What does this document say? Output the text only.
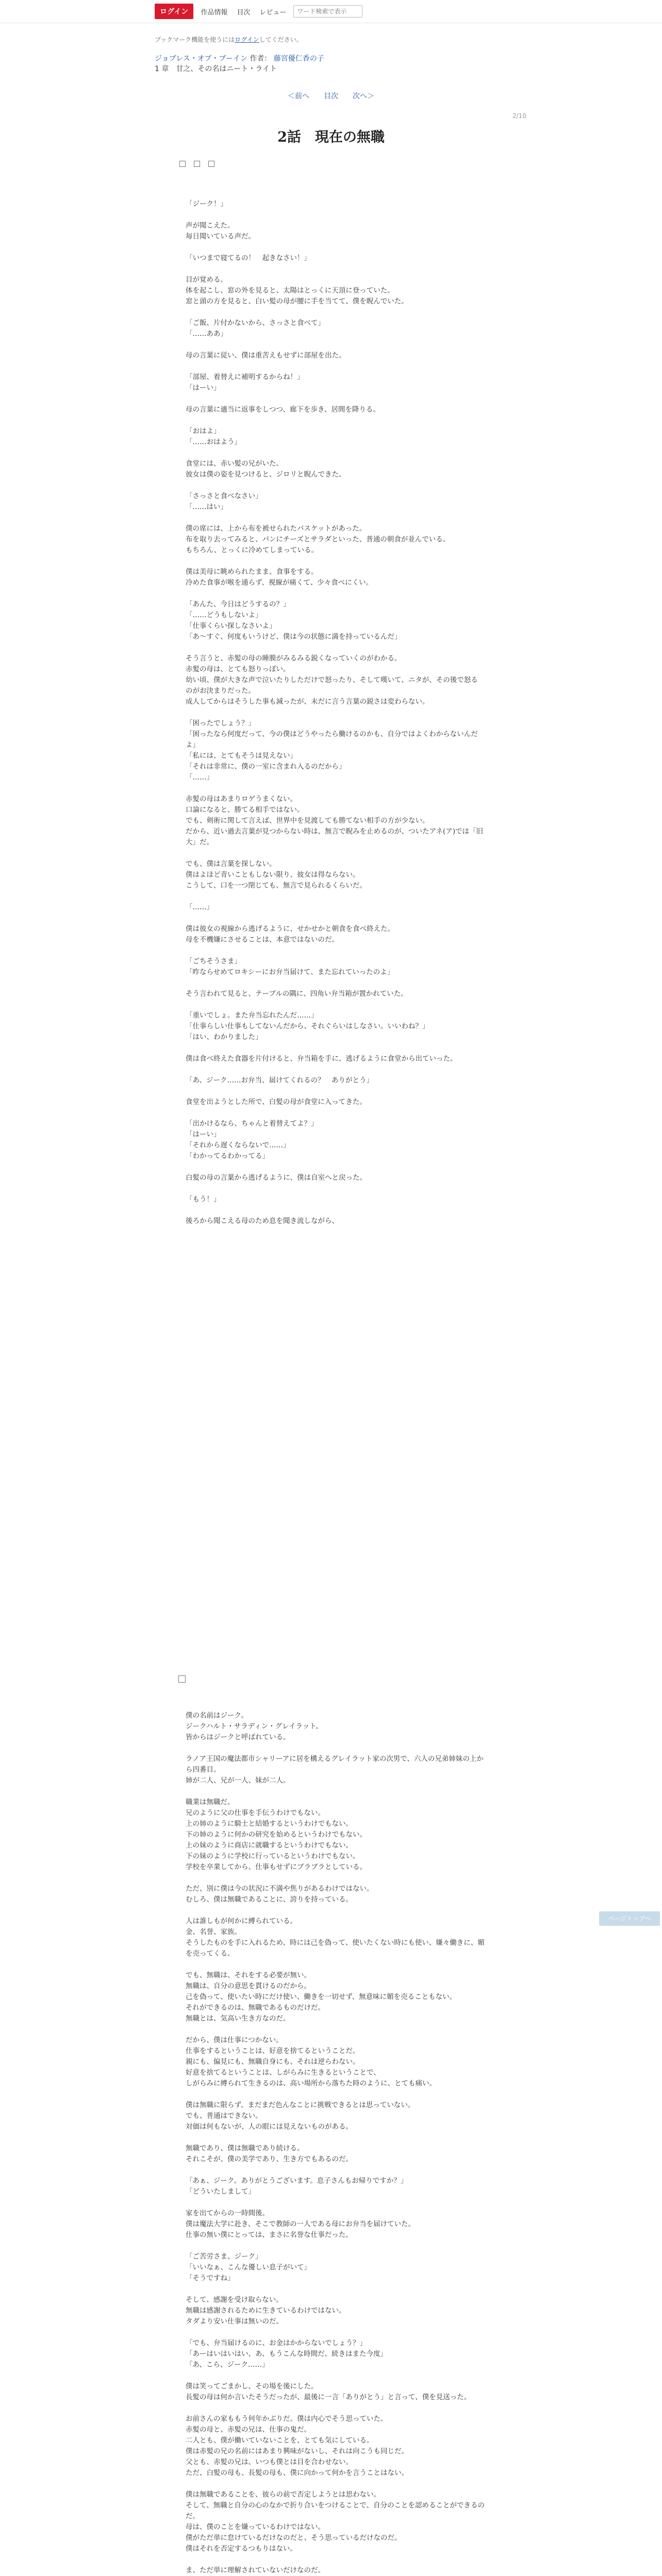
ログイン	作品情報	目次	レビュー
ワード検索で表示
ブックマーク機能を使うにはログインしてください。
ジョブレス・オブ・ブーイン 作者： 藤宮優仁香の子
1 章　甘之、その名はニート・ライト
＜前へ 目次 次へ＞
2/10
2話　現在の無職

「ジーク！」

声が聞こえた。
毎日聞いている声だ。

「いつまで寝てるの！　起きなさい！」

目が覚める。
体を起こし、窓の外を見ると、太陽はとっくに天頂に登っていた。
窓と頭の方を見ると、白い髪の母が腰に手を当てて、僕を睨んでいた。

「ご飯、片付かないから、さっさと食べて」
「……ああ」

母の言葉に従い、僕は重苦えもせずに部屋を出た。

「部屋、着替えに補明するからね！」
「はーい」

母の言葉に適当に返事をしつつ、廊下を歩き、居間を降りる。

「おはよ」
「……おはよう」

食堂には、赤い髪の兄がいた。
彼女は僕の姿を見つけると、ジロリと睨んできた。

「さっさと食べなさい」
「……はい」

僕の席には、上から布を被せられたバスケットがあった。
布を取り去ってみると、パンにチーズとサラダといった、普通の朝食が並んでいる。
もちろん、とっくに冷めてしまっている。

僕は美母に眺められたまま、食事をする。
冷めた食事が喉を通らず、視線が痛くて、少々食べにくい。

「あんた、今日はどうするの？」
「……どうもしないよ」
「仕事くらい探しなさいよ」
「あ〜すぐ、何度もいうけど、僕は今の状態に満を持っているんだ」

そう言うと、赤髪の母の睡膜がみるみる鋭くなっていくのがわかる。
赤髪の母は、とても怒りっぽい。
幼い頃、僕が大きな声で泣いたりしただけで怒ったり、そして嘆いて、ニタが、その後で怒るのがお決まりだった。
成人してからはそうした事も減ったが、未だに言う言葉の鋭さは変わらない。

「困ったでしょう？」
「困ったなら何度だって、今の僕はどうやったら働けるのかも、自分ではよくわからないんだよ」
「私には、とてもそうは見えない」
「それは非常に、僕の一室に含まれ入るのだから」
「……」

赤髪の母はあまりロゲうまくない。
口論になると、勝てる相手ではない。
でも、剣術に関して言えば、世界中を見渡しても勝てない相手の方が少ない。
だから、近い過去言葉が見つからない時は、無言で睨みを止めるのが、ついたアネ(ア)では「旧大」だ。

でも、僕は言葉を探しない。
僕はよほど青いこともしない限り、彼女は得ならない。
こうして、口を一つ閉じても、無言で見られるくらいだ。

「……」

僕は彼女の視線から逃げるように、せかせかと朝食を食べ終えた。
母を不機嫌にさせることは、本意ではないのだ。

「ごちそうさま」
「昨ならせめてロキシーにお弁当届けて、また忘れていったのよ」

そう言われて見ると、テーブルの隅に、四角い弁当箱が置かれていた。

「重いでしょ。また弁当忘れたんだ……」
「仕事らしい仕事もしてないんだから、それぐらいはしなさい。いいわね？」
「はい、わかりました」

僕は食べ終えた食器を片付けると、弁当箱を手に、逃げるように食堂から出ていった。

「あ、ジーク……お弁当、届けてくれるの？　ありがとう」

食堂を出ようとした所で、白髪の母が食堂に入ってきた。

「出かけるなら、ちゃんと着替えてよ？」
「はーい」
「それから遅くならないで……」
「わかってるわかってる」

白髪の母の言葉から逃げるように、僕は自室へと戻った。

「もう！」

後ろから聞こえる母のため息を聞き流しながら、

僕の名前はジーク。
ジークハルト・サラディン・グレイラット。
皆からはジークと呼ばれている。

ラノア王国の魔法都市シャリーアに居を構えるグレイラット家の次男で、六人の兄弟姉妹の上から四番目。
姉が二人、兄が一人、妹が二人。

職業は無職だ。
兄のように父の仕事を手伝うわけでもない。
上の姉のように騎士と結婚するというわけでもない。
下の姉のように何かの研究を始めるというわけでもない。
上の妹のように商店に就職するというわけでもない。
下の妹のように学校に行っているというわけでもない。
学校を卒業してから、仕事もせずにブラブラとしている。

ただ、別に僕は今の状況に不満や焦りがあるわけではない。
むしろ、僕は無職であることに、誇りを持っている。

人は誰しもが何かに縛られている。
金、名誉、家族。
そうしたものを手に入れるため、時には己を偽って、使いたくない時にも使い、嫌々働きに、媚を売ってくる。

でも、無職は、それをする必要が無い。
無職は、自分の意思を貫けるのだから。
己を偽って、使いたい時にだけ使い、働きを一切せず、無意味に媚を売ることもない。
それができるのは、無職であるものだけだ。
無職とは、気高い生き方なのだ。

だから、僕は仕事につかない。
仕事をするということは、好意を捨てるということだ。
親にも、偏見にも、無職自身にも、それは逆らわない。
好意を捨てるということは、しがらみに生きるということで、
しがらみに縛られて生きるのは、高い場所から落ちた時のように、とても痛い。

僕は無職に限らず、まだまだ色んなことに挑戦できるとは思っていない。
でも、普通はできない。
対価は何もないが、人の眼には見えないものがある。

無職であり、僕は無職であり続ける。
それこそが、僕の美学であり、生き方でもあるのだ。

「あぁ、ジーク。ありがとうございます。息子さんもお帰りですか？」
「どういたしまして」

家を出てからの一時間後。
僕は魔法大学に赴き、そこで教師の一人である母にお弁当を届けていた。
仕事の無い僕にとっては、まさに名誉な仕事だった。

「ご苦労さま、ジーク」
「いいなぁ、こんな優しい息子がいて」
「そうですね」

そして、感謝を受け取らない。
無職は感謝されるために生きているわけではない。
タダより安い仕事は無いのだ。

「でも、弁当届けるのに、お金はかからないでしょう？」
「あーはいはいはい、あ、もうこんな時間だ、続きはまた今度」
「あ、こら、ジーク……」

僕は笑ってごまかし、その場を後にした。
長髪の母は何か言いたそうだったが、最後に一言「ありがとう」と言って、僕を見送った。

お前さんの家ももう何年かぶりだ。僕は内心でそう思っていた。
赤髪の母と、赤髪の兄は、仕事の鬼だ。
二人とも、僕が働いていないことを、とても気にしている。
僕は赤髪の兄の名前にはあまり興味がないし、それは向こうも同じだ。
父とも、赤髪の兄は、いつも僕とは目を合わせない。
ただ、白髪の母も、長髪の母も、僕に向かって何かを言うことはない。

僕は無職であることを、彼らの前で否定しようとは思わない。
そして、無職と自分の心のなかで折り合いをつけることで、自分のことを認めることができるのだ。
母は、僕のことを嫌っているわけではない。
僕がただ単に怠けているだけなのだと、そう思っているだけなのだ。
僕はそれを否定するつもりはない。

ま、ただ単に理解されていないだけなのだ。

ページトップへ
